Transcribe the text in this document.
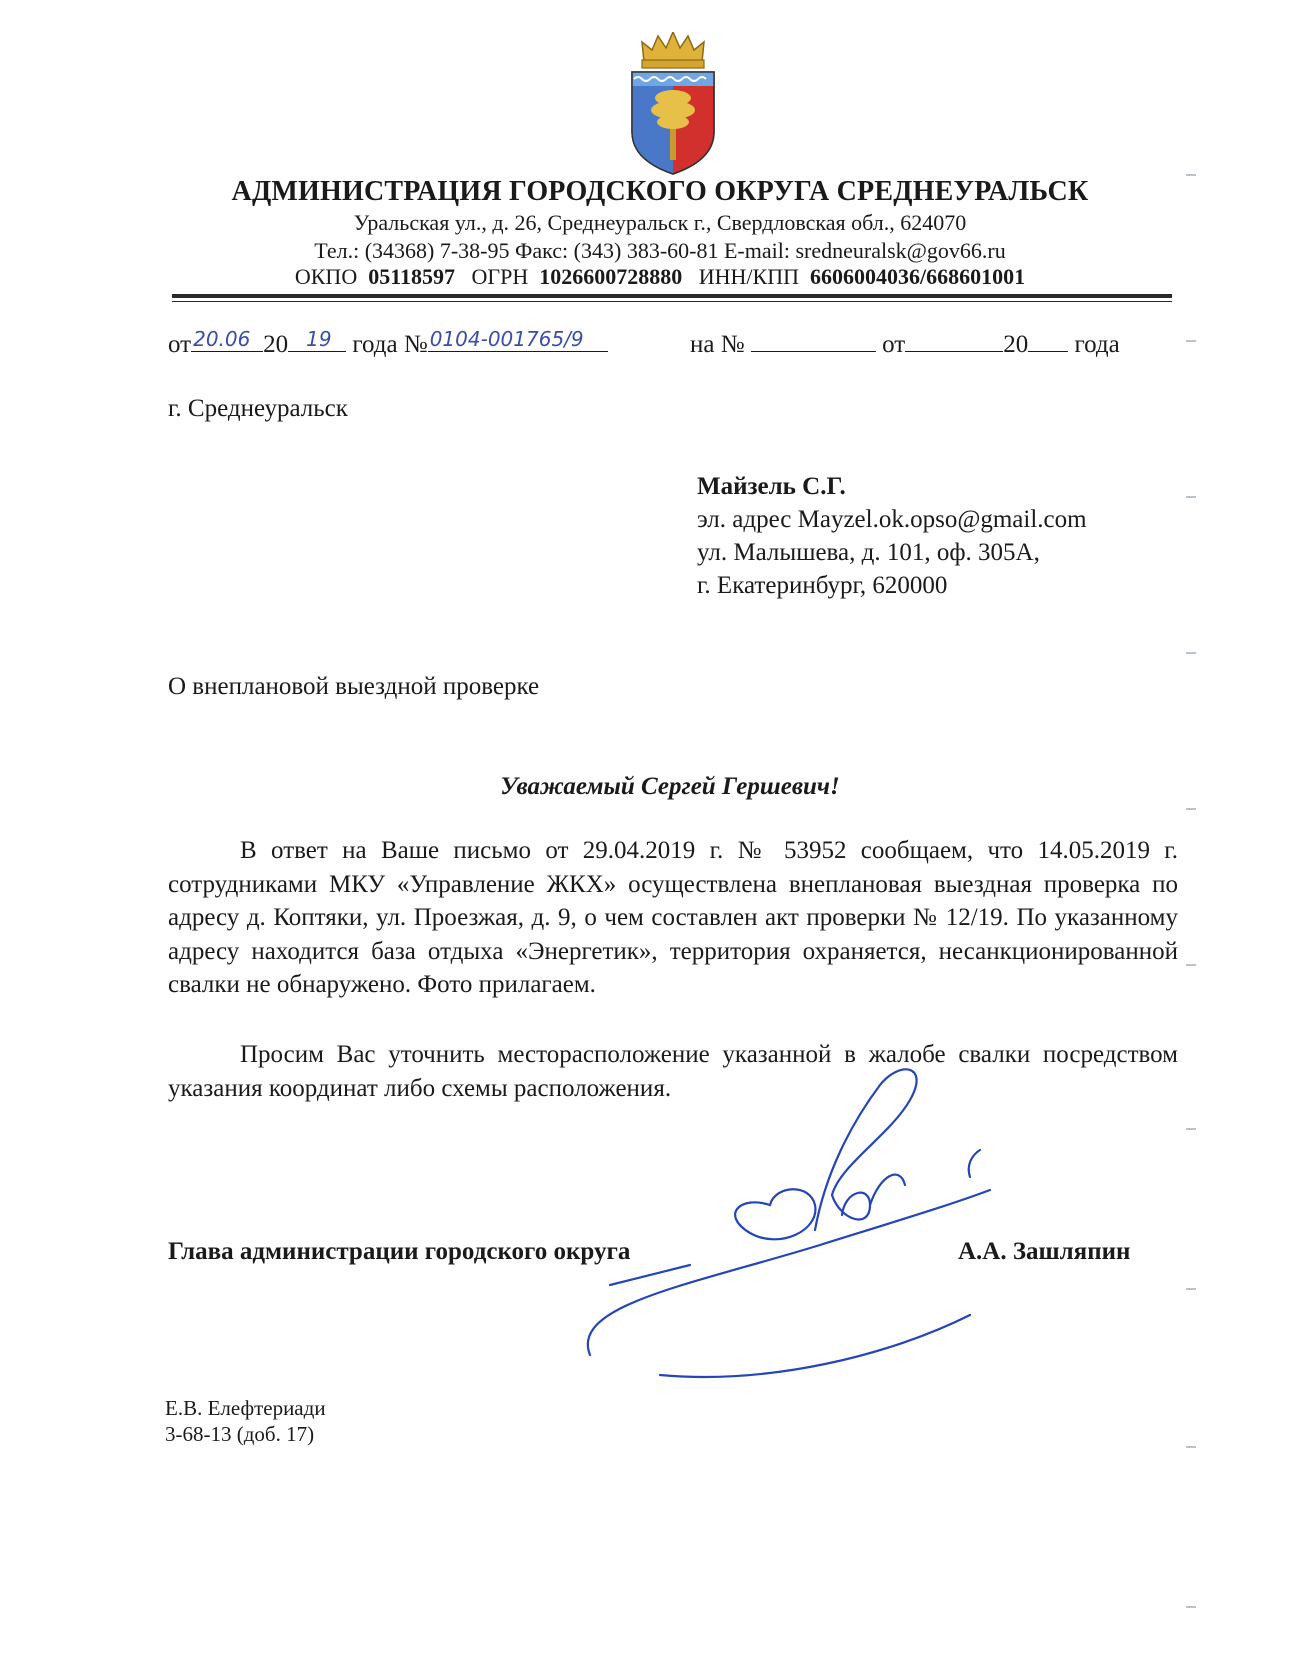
АДМИНИСТРАЦИЯ ГОРОДСКОГО ОКРУГА СРЕДНЕУРАЛЬСК
Уральская ул., д. 26, Среднеуральск г., Свердловская обл., 624070
Тел.: (34368) 7-38-95 Факс: (343) 383-60-81 E-mail: sredneuralsk@gov66.ru
ОКПО 05118597 ОГРН 1026600728880 ИНН/КПП 6606004036/668601001
от 20.06 20 19 года № 0104-001765/9	на №	от	20 года
г. Среднеуральск
Майзель С.Г.
эл. адрес Mayzel.ok.opso@gmail.com
ул. Малышева, д. 101, оф. 305А,
г. Екатеринбург, 620000
О внеплановой выездной проверке
Уважаемый Сергей Гершевич!
В ответ на Ваше письмо от 29.04.2019 г. № 53952 сообщаем, что 14.05.2019 г. сотрудниками МКУ «Управление ЖКХ» осуществлена внеплановая выездная проверка по адресу д. Коптяки, ул. Проезжая, д. 9, о чем составлен акт проверки № 12/19. По указанному адресу находится база отдыха «Энергетик», территория охраняется, несанкционированной свалки не обнаружено. Фото прилагаем.
Просим Вас уточнить месторасположение указанной в жалобе свалки посредством указания координат либо схемы расположения.
Глава администрации городского округа	А.А. Зашляпин
Е.В. Елефтериади
3-68-13 (доб. 17)
